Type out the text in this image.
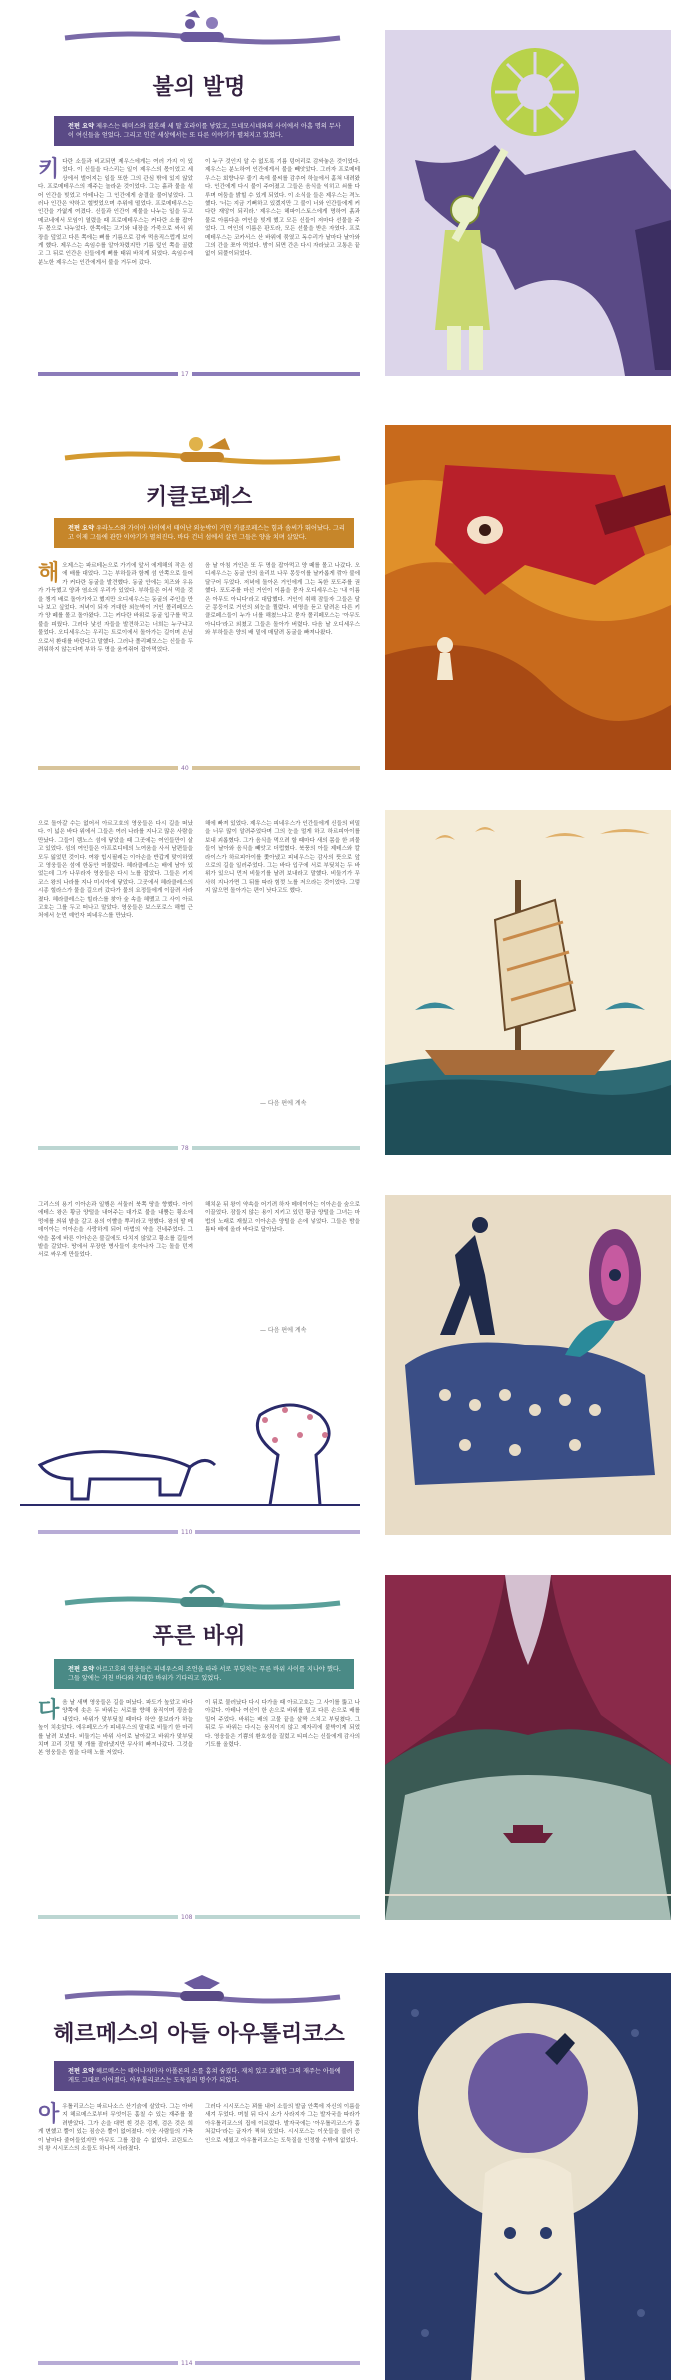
불의 발명
전편 요약 제우스는 테미스와 결혼해 세 딸 호라이를 낳았고, 므네모시네와의 사이에서 아홉 명의 무사이 여신들을 얻었다. 그리고 인간 세상에서는 또 다른 이야기가 펼쳐지고 있었다.
키 다란 소들과 비교되면 제우스에게는 여러 가지 이 있었다. 이 신들을 다스리는 일이 제우스의 몫이었고 세상에서 벌어지는 일들 또한 그의 관심 밖에 있지 않았다. 프로메테우스의 재주는 놀라운 것이었다. 그는 흙과 물을 섞어 인간을 빚었고 아테나는 그 인간에게 숨결을 불어넣었다. 그러나 인간은 약하고 헐벗었으며 추위에 떨었다. 프로메테우스는 인간을 가엾게 여겼다. 신들과 인간이 제물을 나누는 일을 두고 메코네에서 모임이 열렸을 때 프로메테우스는 커다란 소를 잡아 두 몫으로 나누었다. 한쪽에는 고기와 내장을 가죽으로 싸서 위장을 덮었고 다른 쪽에는 뼈를 기름으로 감싸 먹음직스럽게 보이게 했다. 제우스는 속임수를 알아차렸지만 기름 덮인 쪽을 골랐고 그 뒤로 인간은 신들에게 뼈를 태워 바치게 되었다. 속임수에 분노한 제우스는 인간에게서 불을 거두어 갔다.
이 누구 것인지 알 수 없도록 기름 덩어리로 감싸놓은 것이었다. 제우스는 분노하여 인간에게서 불을 빼앗았다. 그러자 프로메테우스는 회향나무 줄기 속에 불씨를 감추어 하늘에서 훔쳐 내려왔다. 인간에게 다시 불이 주어졌고 그들은 음식을 익히고 쇠를 다루며 어둠을 밝힐 수 있게 되었다. 이 소식을 들은 제우스는 격노했다. '너는 지금 기뻐하고 있겠지만 그 불이 너와 인간들에게 커다란 재앙이 되리라.' 제우스는 헤파이스토스에게 명하여 흙과 물로 아름다운 여인을 빚게 했고 모든 신들이 저마다 선물을 주었다. 그 여인의 이름은 판도라, 모든 선물을 받은 자였다. 프로메테우스는 코카서스 산 바위에 묶였고 독수리가 날마다 날아와 그의 간을 쪼아 먹었다. 밤이 되면 간은 다시 자라났고 고통은 끝없이 되풀이되었다.
17
키클로페스
전편 요약 우라노스와 가이아 사이에서 태어난 외눈박이 거인 키클로페스는 힘과 솜씨가 뛰어났다. 그리고 이제 그들에 관한 이야기가 펼쳐진다. 바다 건너 섬에서 살던 그들은 양을 치며 살았다.
해 오제스는 파르테논으로 가기에 앞서 에게해의 작은 섬에 배를 대었다. 그는 부하들과 함께 섬 안쪽으로 들어가 커다란 동굴을 발견했다. 동굴 안에는 치즈와 우유가 가득했고 양과 염소의 우리가 있었다. 부하들은 어서 먹을 것을 챙겨 배로 돌아가자고 했지만 오디세우스는 동굴의 주인을 만나 보고 싶었다. 저녁이 되자 거대한 외눈박이 거인 폴리페모스가 양 떼를 몰고 돌아왔다. 그는 커다란 바위로 동굴 입구를 막고 불을 피웠다. 그러다 낯선 자들을 발견하고는 너희는 누구냐고 물었다. 오디세우스는 우리는 트로이에서 돌아가는 길이며 손님으로서 환대를 바란다고 말했다. 그러나 폴리페모스는 신들을 두려워하지 않는다며 부하 두 명을 움켜쥐어 잡아먹었다.
음 날 아침 거인은 또 두 명을 잡아먹고 양 떼를 몰고 나갔다. 오디세우스는 동굴 안의 올리브 나무 몽둥이를 날카롭게 깎아 불에 달구어 두었다. 저녁에 돌아온 거인에게 그는 독한 포도주를 권했다. 포도주를 마신 거인이 이름을 묻자 오디세우스는 '내 이름은 아무도 아니다'라고 대답했다. 거인이 취해 잠들자 그들은 달군 몽둥이로 거인의 외눈을 찔렀다. 비명을 듣고 달려온 다른 키클로페스들이 누가 너를 해쳤느냐고 묻자 폴리페모스는 '아무도 아니다'라고 외쳤고 그들은 돌아가 버렸다. 다음 날 오디세우스와 부하들은 양의 배 밑에 매달려 동굴을 빠져나왔다.
40
으로 돌아갈 수는 없어서 아르고호의 영웅들은 다시 길을 떠났다. 이 넓은 바다 위에서 그들은 여러 나라를 지나고 많은 사람을 만났다. 그들이 렘노스 섬에 닿았을 때 그곳에는 여인들만이 살고 있었다. 섬의 여인들은 아프로디테의 노여움을 사서 남편들을 모두 잃었던 것이다. 여왕 힙시필레는 이아손을 반갑게 맞이하였고 영웅들은 섬에 한동안 머물렀다. 헤라클레스는 배에 남아 있었는데 그가 나무라자 영웅들은 다시 노를 잡았다. 그들은 키지코스 왕의 나라를 지나 미시아에 닿았다. 그곳에서 헤라클레스의 시종 힐라스가 물을 길으러 갔다가 물의 요정들에게 이끌려 사라졌다. 헤라클레스는 힐라스를 찾아 숲 속을 헤맸고 그 사이 아르고호는 그를 두고 떠나고 말았다. 영웅들은 보스포로스 해협 근처에서 눈먼 예언자 피네우스를 만났다.
해에 빠져 있었다. 제우스는 피네우스가 인간들에게 신들의 비밀을 너무 많이 알려주었다며 그의 눈을 멀게 하고 하르피아이를 보내 괴롭혔다. 그가 음식을 먹으려 할 때마다 새의 몸을 한 괴물들이 날아와 음식을 빼앗고 더럽혔다. 북풍의 아들 제테스와 칼라이스가 하르피아이를 쫓아냈고 피네우스는 감사의 뜻으로 앞으로의 길을 일러주었다. 그는 바다 입구에 서로 부딪치는 두 바위가 있으니 먼저 비둘기를 날려 보내라고 말했다. 비둘기가 무사히 지나가면 그 뒤를 따라 힘껏 노를 저으라는 것이었다. 그렇지 않으면 돌아가는 편이 낫다고도 했다.
— 다음 편에 계속
78
그리스의 용기 이아손과 일행은 서둘러 북쪽 땅을 향했다. 아이에테스 왕은 황금 양털을 내어주는 대가로 불을 내뿜는 황소에 멍에를 씌워 밭을 갈고 용의 이빨을 뿌리라고 명했다. 왕의 딸 메데이아는 이아손을 사랑하게 되어 마법의 약을 건네주었다. 그 약을 몸에 바른 이아손은 불길에도 다치지 않았고 황소를 길들여 밭을 갈았다. 땅에서 무장한 병사들이 솟아나자 그는 돌을 던져 서로 싸우게 만들었다.
해치운 뒤 왕이 약속을 어기려 하자 메데이아는 이아손을 숲으로 이끌었다. 잠들지 않는 용이 지키고 있던 황금 양털을 그녀는 마법의 노래로 재웠고 이아손은 양털을 손에 넣었다. 그들은 밤을 틈타 배에 올라 바다로 달아났다.
— 다음 편에 계속
110
푸른 바위
전편 요약 아르고호의 영웅들은 피네우스의 조언을 따라 서로 부딪치는 푸른 바위 사이를 지나야 했다. 그들 앞에는 거친 바다와 거대한 바위가 기다리고 있었다.
다 음 날 새벽 영웅들은 길을 떠났다. 파도가 높았고 바다 양쪽에 솟은 두 바위는 서로를 향해 움직이며 굉음을 내었다. 바위가 맞부딪칠 때마다 하얀 물보라가 하늘 높이 치솟았다. 에우페모스가 피네우스의 말대로 비둘기 한 마리를 날려 보냈다. 비둘기는 바위 사이로 날아갔고 바위가 맞부딪치며 꼬리 깃털 몇 개를 잘라냈지만 무사히 빠져나갔다. 그것을 본 영웅들은 힘을 다해 노를 저었다.
이 뒤로 물러났다 다시 다가올 때 아르고호는 그 사이를 뚫고 나아갔다. 아테나 여신이 한 손으로 바위를 밀고 다른 손으로 배를 밀어 주었다. 바위는 배의 고물 끝을 살짝 스치고 부딪쳤다. 그 뒤로 두 바위는 다시는 움직이지 않고 제자리에 붙박이게 되었다. 영웅들은 기쁨의 환호성을 질렀고 티피스는 신들에게 감사의 기도를 올렸다.
108
헤르메스의 아들 아우톨리코스
전편 요약 헤르메스는 태어나자마자 아폴론의 소를 훔쳐 숨겼다. 재치 있고 교활한 그의 재주는 아들에게도 그대로 이어졌다. 아우톨리코스는 도둑질의 명수가 되었다.
아 우톨리코스는 파르나소스 산기슭에 살았다. 그는 아버지 헤르메스로부터 무엇이든 훔칠 수 있는 재주를 물려받았다. 그가 손을 대면 흰 것은 검게, 검은 것은 희게 변했고 뿔이 있는 짐승은 뿔이 없어졌다. 이웃 사람들의 가축이 날마다 줄어들었지만 아무도 그를 잡을 수 없었다. 코린토스의 왕 시시포스의 소들도 하나씩 사라졌다.
그러다 시시포스는 꾀를 내어 소들의 발굽 안쪽에 자신의 이름을 새겨 두었다. 며칠 뒤 다시 소가 사라지자 그는 발자국을 따라가 아우톨리코스의 집에 이르렀다. 발자국에는 '아우톨리코스가 훔쳐갔다'라는 글자가 찍혀 있었다. 시시포스는 이웃들을 불러 증인으로 세웠고 아우톨리코스는 도둑질을 인정할 수밖에 없었다.
114
